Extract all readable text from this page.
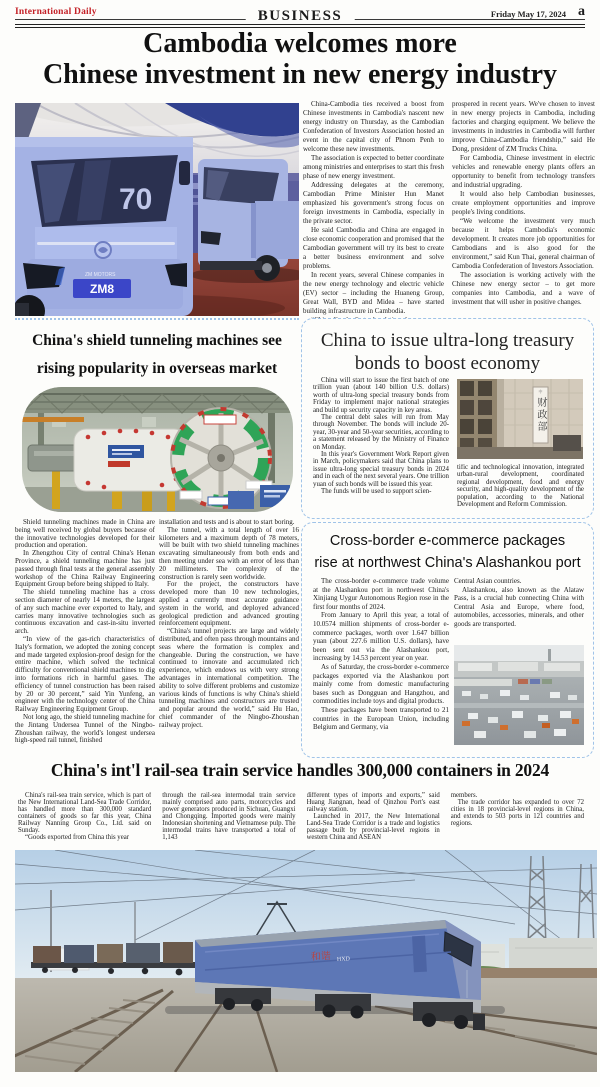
International Daily	BUSINESS	Friday May 17, 2024 a
Cambodia welcomes more
Chinese investment in new energy industry
70
ZM MOTORS
ZM8

China-Cambodia ties received a boost from Chinese investments in Cambodia's nascent new energy industry on Thursday, as the Cambodian Confederation of Investors Association hosted an event in the capital city of Phnom Penh to welcome these new investments.

The association is expected to better coordinate among ministries and enterprises to start this fresh phase of new energy investment.

Addressing delegates at the ceremony, Cambodian Prime Minister Hun Manet emphasized his government's strong focus on foreign investments in Cambodia, especially in the private sector.

He said Cambodia and China are engaged in close economic cooperation and promised that the Cambodian government will try its best to create a better business environment and solve problems.

In recent years, several Chinese companies in the new energy technology and electric vehicle (EV) sector – including the Huaneng Group, Great Wall, BYD and Midea – have started building infrastructure in Cambodia.

prospered in recent years. We've chosen to invest in new energy projects in Cambodia, including factories and charging equipment. We believe the investments in industries in Cambodia will further improve China-Cambodia friendship,” said He Dong, president of ZM Trucks China.

For Cambodia, Chinese investment in electric vehicles and renewable energy plants offers an opportunity to benefit from technology transfers and industrial upgrading.

It would also help Cambodian businesses, create employment opportunities and improve people's living conditions.

“We welcome the investment very much because it helps Cambodia's economic development. It creates more job opportunities for Cambodians and is also good for the environment,” said Kun Thai, general chairman of Cambodia Confederation of Investors Association.

The association is working actively with the Chinese new energy sector – to get more companies into Cambodia, and a wave of investment that will usher in positive changes.

China's shield tunneling machines see
rising popularity in overseas market

Shield tunneling machines made in China are being well received by global buyers because of the innovative technologies developed for their production and operation.

In Zhengzhou City of central China's Henan Province, a shield tunneling machine has just passed through final tests at the general assembly workshop of the China Railway Engineering Equipment Group before being shipped to Italy.

The shield tunneling machine has a cross section diameter of nearly 14 meters, the largest of any such machine ever exported to Italy, and carries many innovative technologies such as continuous excavation and cast-in-situ inverted arch.

“In view of the gas-rich characteristics of Italy's formation, we adopted the zoning concept and made targeted explosion-proof design for the entire machine, which solved the technical difficulty for conventional shield machines to dig into formations rich in harmful gases. The efficiency of tunnel construction has been raised by 20 or 30 percent,” said Yin Yunfeng, an engineer with the technology center of the China Railway Engineering Equipment Group.

Not long ago, the shield tunneling machine for the Jintang Undersea Tunnel of the Ningbo-Zhoushan railway, the world's longest undersea high-speed rail tunnel, finished

installation and tests and is about to start boring.

The tunnel, with a total length of over 16 kilometers and a maximum depth of 78 meters, will be built with two shield tunneling machines excavating simultaneously from both ends and then meeting under sea with an error of less than 20 millimeters. The complexity of the construction is rarely seen worldwide.

For the project, the constructors have developed more than 10 new technologies, applied a currently most accurate guidance system in the world, and deployed advanced geological prediction and advanced grouting reinforcement equipment.

“China's tunnel projects are large and widely distributed, and often pass through mountains and seas where the formation is complex and changeable. During the construction, we have continued to innovate and accumulated rich experience, which endows us with very strong advantages in international competition. The ability to solve different problems and customize various kinds of functions is why China's shield tunneling machines and constructors are trusted and popular around the world,” said Hu Hao, chief commander of the Ningbo-Zhoushan railway project.

China to issue ultra-long treasury
bonds to boost economy

China will start to issue the first batch of one trillion yuan (about 140 billion U.S. dollars) worth of ultra-long special treasury bonds from Friday to implement major national strategies and build up security capacity in key areas.

The central debt sales will run from May through November. The bonds will include 20-year, 30-year and 50-year securities, according to a statement released by the Ministry of Finance on Monday.

In this year's Government Work Report given in March, policymakers said that China plans to issue ultra-long special treasury bonds in 2024 and in each of the next several years. One trillion yuan of such bonds will be issued this year.

The funds will be used to support scien-

中
财政部

tific and technological innovation, integrated urban-rural development, coordinated regional development, food and energy security, and high-quality development of the population, according to the National Development and Reform Commission.

Cross-border e-commerce packages
rise at northwest China's Alashankou port

The cross-border e-commerce trade volume at the Alashankou port in northwest China's Xinjiang Uygur Autonomous Region rose in the first four months of 2024.

From January to April this year, a total of 10.0574 million shipments of cross-border e-commerce packages, worth over 1.647 billion yuan (about 227.6 million U.S. dollars), have been sent out via the Alashankou port, increasing by 14.53 percent year on year.

As of Saturday, the cross-border e-commerce packages exported via the Alashankou port mainly come from domestic manufacturing bases such as Dongguan and Hangzhou, and commodities include toys and digital products.

These packages have been transported to 21 countries in the European Union, including Belgium and Germany, via

Central Asian countries.

Alashankou, also known as the Alataw Pass, is a crucial hub connecting China with Central Asia and Europe, where food, automobiles, accessories, minerals, and other goods are transported.

China's int'l rail-sea train service handles 300,000 containers in 2024

China's rail-sea train service, which is part of the New International Land-Sea Trade Corridor, has handled more than 300,000 standard containers of goods so far this year, China Railway Nanning Group Co., Ltd. said on Sunday.

“Goods exported from China this year

through the rail-sea intermodal train service mainly comprised auto parts, motorcycles and power generators produced in Sichuan, Guangxi and Chongqing. Imported goods were mainly Indonesian shortening and Vietnamese pulp. The intermodal trains have transported a total of 1,143

different types of imports and exports,” said Huang Jiangnan, head of Qinzhou Port's east railway station.

Launched in 2017, the New International Land-Sea Trade Corridor is a trade and logistics passage built by provincial-level regions in western China and ASEAN

members.

The trade corridor has expanded to over 72 cities in 18 provincial-level regions in China, and extends to 503 ports in 121 countries and regions.

和谐 HXD
